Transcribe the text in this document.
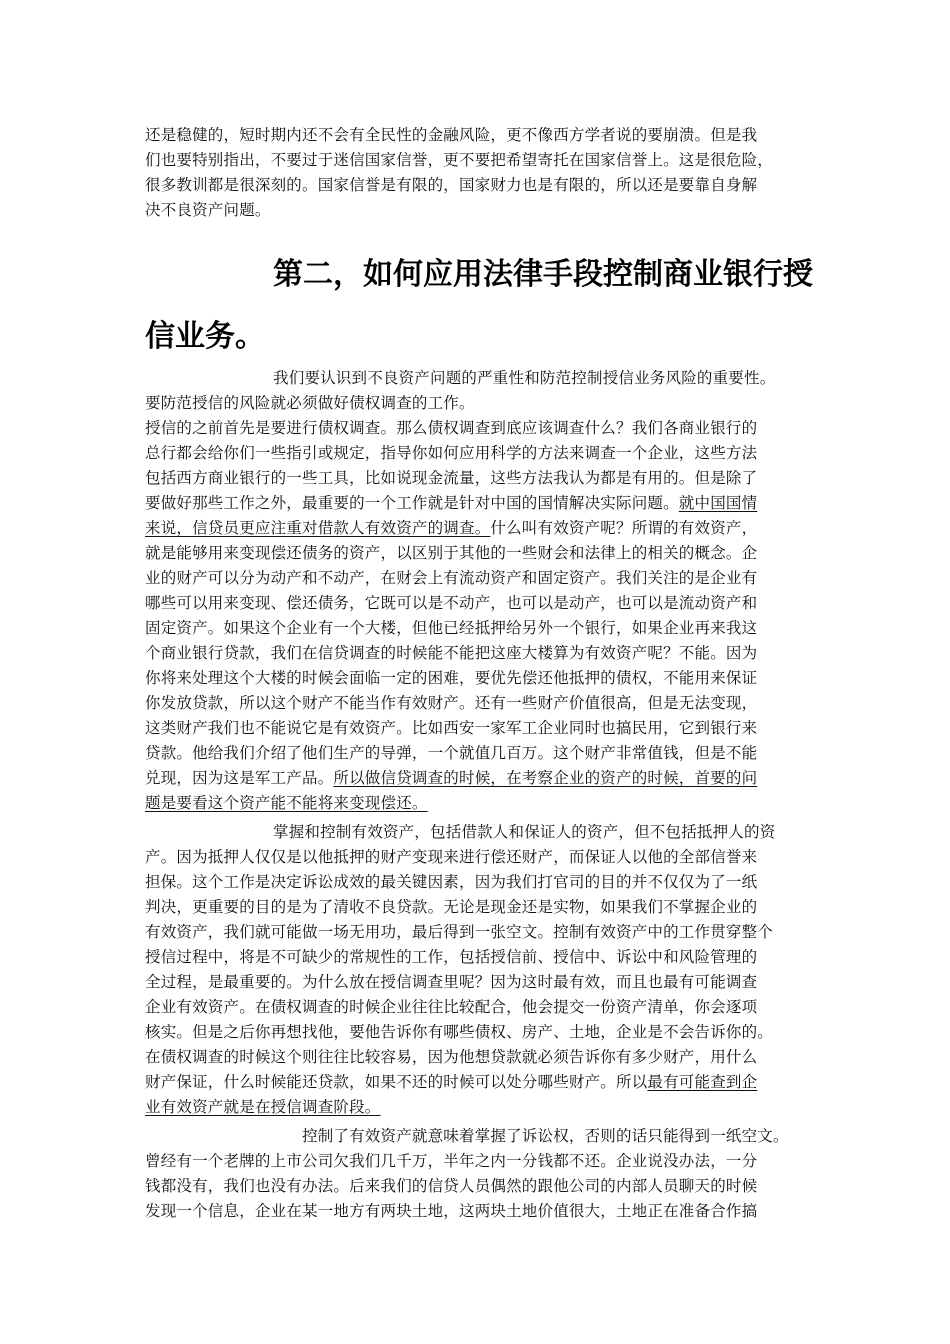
还是稳健的，短时期内还不会有全民性的金融风险，更不像西方学者说的要崩溃。但是我
们也要特别指出，不要过于迷信国家信誉，更不要把希望寄托在国家信誉上。这是很危险，
很多教训都是很深刻的。国家信誉是有限的，国家财力也是有限的，所以还是要靠自身解
决不良资产问题。
第二，如何应用法律手段控制商业银行授
信业务。
我们要认识到不良资产问题的严重性和防范控制授信业务风险的重要性。
要防范授信的风险就必须做好债权调查的工作。
授信的之前首先是要进行债权调查。那么债权调查到底应该调查什么？我们各商业银行的
总行都会给你们一些指引或规定，指导你如何应用科学的方法来调查一个企业，这些方法
包括西方商业银行的一些工具，比如说现金流量，这些方法我认为都是有用的。但是除了
要做好那些工作之外，最重要的一个工作就是针对中国的国情解决实际问题。就中国国情
来说，信贷员更应注重对借款人有效资产的调查。什么叫有效资产呢？所谓的有效资产，
就是能够用来变现偿还债务的资产，以区别于其他的一些财会和法律上的相关的概念。企
业的财产可以分为动产和不动产，在财会上有流动资产和固定资产。我们关注的是企业有
哪些可以用来变现、偿还债务，它既可以是不动产，也可以是动产，也可以是流动资产和
固定资产。如果这个企业有一个大楼，但他已经抵押给另外一个银行，如果企业再来我这
个商业银行贷款，我们在信贷调查的时候能不能把这座大楼算为有效资产呢？不能。因为
你将来处理这个大楼的时候会面临一定的困难，要优先偿还他抵押的债权，不能用来保证
你发放贷款，所以这个财产不能当作有效财产。还有一些财产价值很高，但是无法变现，
这类财产我们也不能说它是有效资产。比如西安一家军工企业同时也搞民用，它到银行来
贷款。他给我们介绍了他们生产的导弹，一个就值几百万。这个财产非常值钱，但是不能
兑现，因为这是军工产品。所以做信贷调查的时候，在考察企业的资产的时候，首要的问
题是要看这个资产能不能将来变现偿还。
掌握和控制有效资产，包括借款人和保证人的资产，但不包括抵押人的资
产。因为抵押人仅仅是以他抵押的财产变现来进行偿还财产，而保证人以他的全部信誉来
担保。这个工作是决定诉讼成效的最关键因素，因为我们打官司的目的并不仅仅为了一纸
判决，更重要的目的是为了清收不良贷款。无论是现金还是实物，如果我们不掌握企业的
有效资产，我们就可能做一场无用功，最后得到一张空文。控制有效资产中的工作贯穿整个
授信过程中，将是不可缺少的常规性的工作，包括授信前、授信中、诉讼中和风险管理的
全过程，是最重要的。为什么放在授信调查里呢？因为这时最有效，而且也最有可能调查
企业有效资产。在债权调查的时候企业往往比较配合，他会提交一份资产清单，你会逐项
核实。但是之后你再想找他，要他告诉你有哪些债权、房产、土地，企业是不会告诉你的。
在债权调查的时候这个则往往比较容易，因为他想贷款就必须告诉你有多少财产，用什么
财产保证，什么时候能还贷款，如果不还的时候可以处分哪些财产。所以最有可能查到企
业有效资产就是在授信调查阶段。
控制了有效资产就意味着掌握了诉讼权，否则的话只能得到一纸空文。
曾经有一个老牌的上市公司欠我们几千万，半年之内一分钱都不还。企业说没办法，一分
钱都没有，我们也没有办法。后来我们的信贷人员偶然的跟他公司的内部人员聊天的时候
发现一个信息，企业在某一地方有两块土地，这两块土地价值很大，土地正在准备合作搞
